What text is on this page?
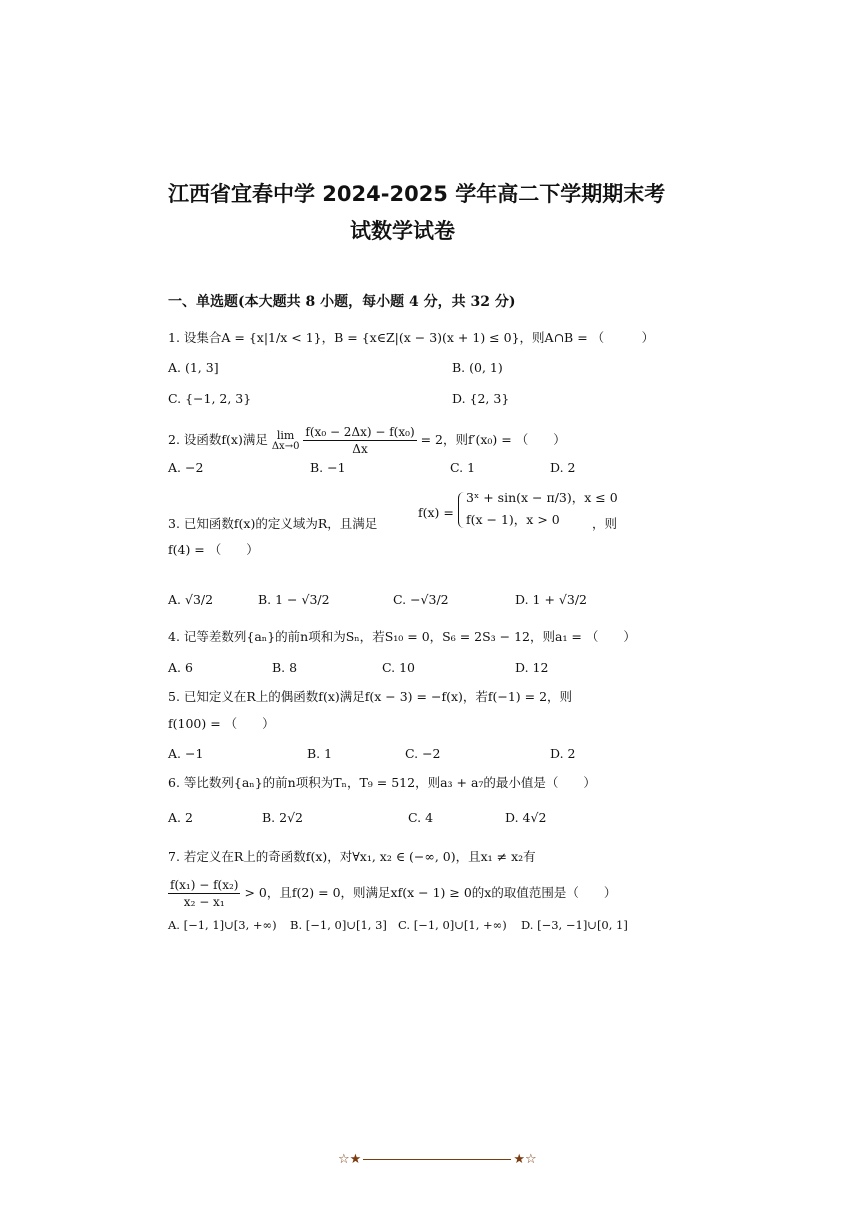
江西省宜春中学 2024-2025 学年高二下学期期末考
试数学试卷
一、单选题(本大题共 8 小题，每小题 4 分，共 32 分)
1. 设集合A = {x|1/x < 1}，B = {x∈Z|(x − 3)(x + 1) ≤ 0}，则A∩B = （　　　）
A. (1, 3]	B. (0, 1)
C. {−1, 2, 3}	D. {2, 3}
2. 设函数f(x)满足 lim
Δx→0
$\frac{\text{f(x₀ − 2Δx) − f(x₀)}}{\Delta x} = 2$，则f′(x₀) = （　　）
A. −2	B. −1	C. 1	D. 2
3. 已知函数f(x)的定义域为R，且满足
f(x) =
3ˣ + sin(x − π/3)，x ≤ 0
f(x − 1)，x > 0	，则
f(4) = （　　）
A. √3/2	B. 1 − √3/2	C. −√3/2	D. 1 + √3/2
4. 记等差数列{aₙ}的前n项和为Sₙ，若S₁₀ = 0，S₆ = 2S₃ − 12，则a₁ = （　　）
A. 6	B. 8	C. 10	D. 12
5. 已知定义在R上的偶函数f(x)满足f(x − 3) = −f(x)，若f(−1) = 2，则
f(100) = （　　）
A. −1	B. 1	C. −2	D. 2
6. 等比数列{aₙ}的前n项积为Tₙ，T₉ = 512，则a₃ + a₇的最小值是（　　）
A. 2	B. 2√2	C. 4	D. 4√2
7. 若定义在R上的奇函数f(x)，对∀x₁, x₂ ∈ (−∞, 0)，且x₁ ≠ x₂有
$\frac{\text{f(x₁) − f(x₂)}}{\text{x₂ − x₁}} > 0$，且f(2) = 0，则满足xf(x − 1) ≥ 0的x的取值范围是（　　）
A. [−1, 1]∪[3, +∞) B. [−1, 0]∪[1, 3] C. [−1, 0]∪[1, +∞) D. [−3, −1]∪[0, 1]
☆★	★☆
